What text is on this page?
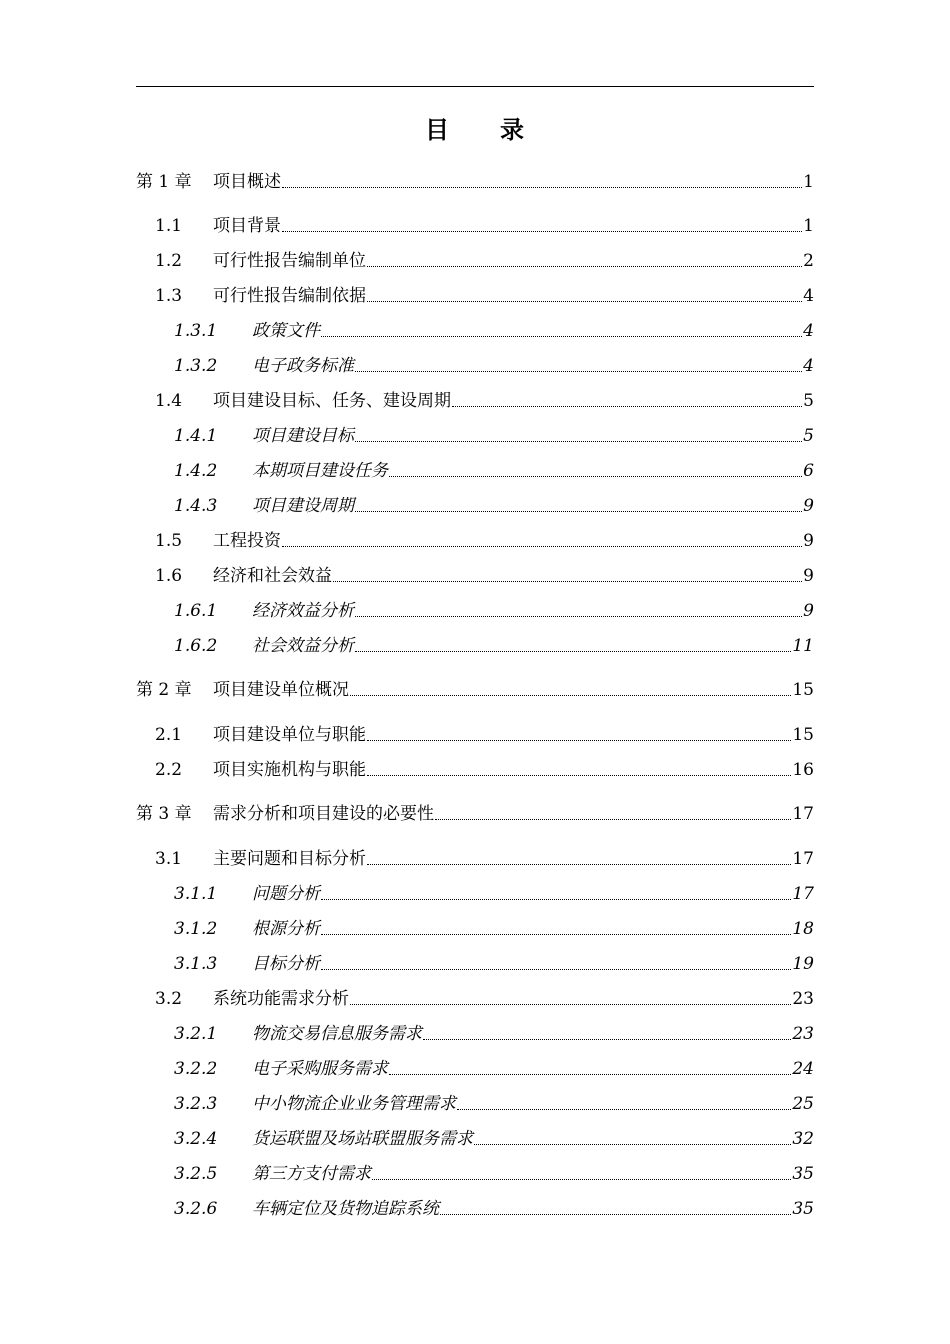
目　　录
第 1 章	项目概述	1
1.1	项目背景	1
1.2	可行性报告编制单位	2
1.3	可行性报告编制依据	4
1.3.1	政策文件	4
1.3.2	电子政务标准	4
1.4	项目建设目标、任务、建设周期	5
1.4.1	项目建设目标	5
1.4.2	本期项目建设任务	6
1.4.3	项目建设周期	9
1.5	工程投资	9
1.6	经济和社会效益	9
1.6.1	经济效益分析	9
1.6.2	社会效益分析	11
第 2 章	项目建设单位概况	15
2.1	项目建设单位与职能	15
2.2	项目实施机构与职能	16
第 3 章	需求分析和项目建设的必要性	17
3.1	主要问题和目标分析	17
3.1.1	问题分析	17
3.1.2	根源分析	18
3.1.3	目标分析	19
3.2	系统功能需求分析	23
3.2.1	物流交易信息服务需求	23
3.2.2	电子采购服务需求	24
3.2.3	中小物流企业业务管理需求	25
3.2.4	货运联盟及场站联盟服务需求	32
3.2.5	第三方支付需求	35
3.2.6	车辆定位及货物追踪系统	35
